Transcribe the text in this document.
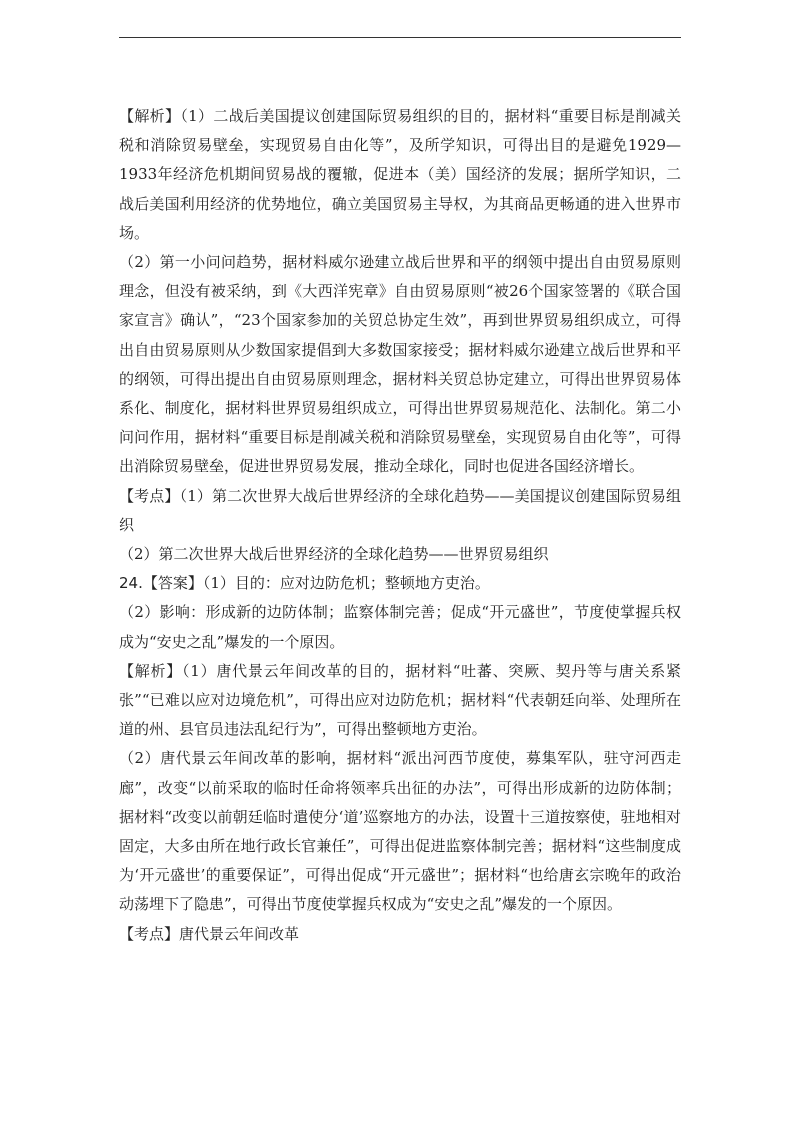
【解析】（1）二战后美国提议创建国际贸易组织的目的，据材料“重要目标是削减关税和消除贸易壁垒，实现贸易自由化等”，及所学知识，可得出目的是避免1929—1933年经济危机期间贸易战的覆辙，促进本（美）国经济的发展；据所学知识，二战后美国利用经济的优势地位，确立美国贸易主导权，为其商品更畅通的进入世界市场。

（2）第一小问问趋势，据材料威尔逊建立战后世界和平的纲领中提出自由贸易原则理念，但没有被采纳，到《大西洋宪章》自由贸易原则“被26个国家签署的《联合国家宣言》确认”，“23个国家参加的关贸总协定生效”，再到世界贸易组织成立，可得出自由贸易原则从少数国家提倡到大多数国家接受；据材料威尔逊建立战后世界和平的纲领，可得出提出自由贸易原则理念，据材料关贸总协定建立，可得出世界贸易体系化、制度化，据材料世界贸易组织成立，可得出世界贸易规范化、法制化。第二小问问作用，据材料“重要目标是削减关税和消除贸易壁垒，实现贸易自由化等”，可得出消除贸易壁垒，促进世界贸易发展，推动全球化，同时也促进各国经济增长。

【考点】（1）第二次世界大战后世界经济的全球化趋势——美国提议创建国际贸易组织

（2）第二次世界大战后世界经济的全球化趋势——世界贸易组织

24.【答案】（1）目的：应对边防危机；整顿地方吏治。

（2）影响：形成新的边防体制；监察体制完善；促成“开元盛世”，节度使掌握兵权成为“安史之乱”爆发的一个原因。

【解析】（1）唐代景云年间改革的目的，据材料“吐蕃、突厥、契丹等与唐关系紧张”“已难以应对边境危机”，可得出应对边防危机；据材料“代表朝廷向举、处理所在道的州、县官员违法乱纪行为”，可得出整顿地方吏治。

（2）唐代景云年间改革的影响，据材料“派出河西节度使，募集军队，驻守河西走廊”，改变“以前采取的临时任命将领率兵出征的办法”，可得出形成新的边防体制；据材料“改变以前朝廷临时遣使分‘道’巡察地方的办法，设置十三道按察使，驻地相对固定，大多由所在地行政长官兼任”，可得出促进监察体制完善；据材料“这些制度成为‘开元盛世’的重要保证”，可得出促成“开元盛世”；据材料“也给唐玄宗晚年的政治动荡埋下了隐患”，可得出节度使掌握兵权成为“安史之乱”爆发的一个原因。

【考点】唐代景云年间改革
